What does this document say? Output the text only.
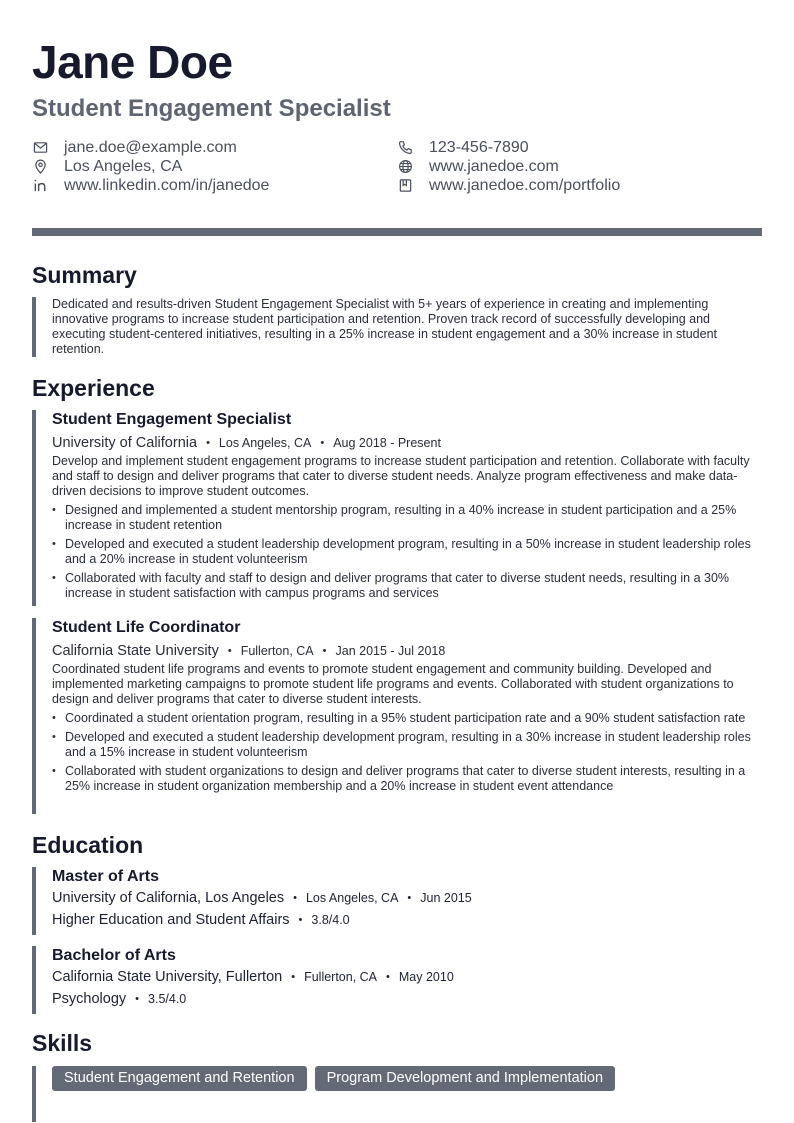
Jane Doe
Student Engagement Specialist
jane.doe@example.com
Los Angeles, CA
www.linkedin.com/in/janedoe
123-456-7890
www.janedoe.com
www.janedoe.com/portfolio
Summary

Dedicated and results-driven Student Engagement Specialist with 5+ years of experience in creating and implementing innovative programs to increase student participation and retention. Proven track record of successfully developing and executing student-centered initiatives, resulting in a 25% increase in student engagement and a 30% increase in student retention.

Experience
Student Engagement Specialist
University of California • Los Angeles, CA • Aug 2018 - Present

Develop and implement student engagement programs to increase student participation and retention. Collaborate with faculty and staff to design and deliver programs that cater to diverse student needs. Analyze program effectiveness and make data-driven decisions to improve student outcomes.

• Designed and implemented a student mentorship program, resulting in a 40% increase in student participation and a 25% increase in student retention
• Developed and executed a student leadership development program, resulting in a 50% increase in student leadership roles and a 20% increase in student volunteerism
• Collaborated with faculty and staff to design and deliver programs that cater to diverse student needs, resulting in a 30% increase in student satisfaction with campus programs and services
Student Life Coordinator
California State University • Fullerton, CA • Jan 2015 - Jul 2018

Coordinated student life programs and events to promote student engagement and community building. Developed and implemented marketing campaigns to promote student life programs and events. Collaborated with student organizations to design and deliver programs that cater to diverse student interests.

• Coordinated a student orientation program, resulting in a 95% student participation rate and a 90% student satisfaction rate
• Developed and executed a student leadership development program, resulting in a 30% increase in student leadership roles and a 15% increase in student volunteerism
• Collaborated with student organizations to design and deliver programs that cater to diverse student interests, resulting in a 25% increase in student organization membership and a 20% increase in student event attendance
Education
Master of Arts
University of California, Los Angeles • Los Angeles, CA • Jun 2015
Higher Education and Student Affairs • 3.8/4.0
Bachelor of Arts
California State University, Fullerton • Fullerton, CA • May 2010
Psychology • 3.5/4.0
Skills
Student Engagement and Retention	Program Development and Implementation
